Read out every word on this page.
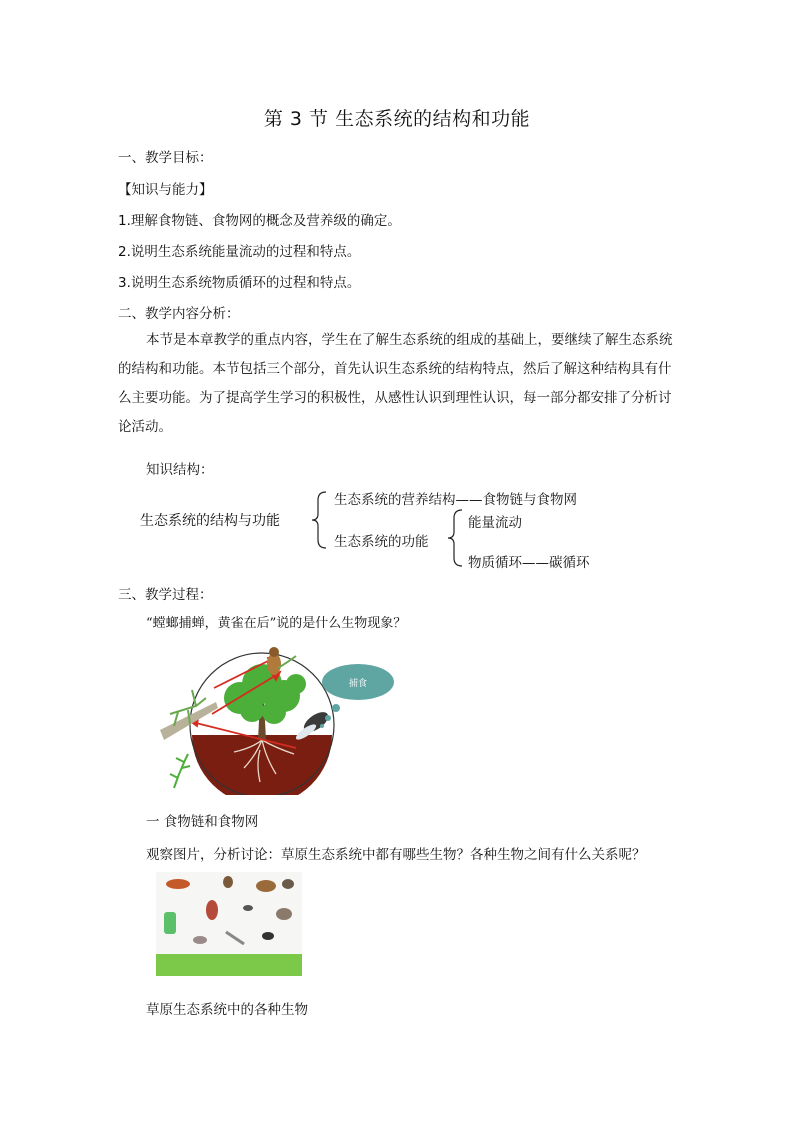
第 3 节 生态系统的结构和功能
一、教学目标：
【知识与能力】
1.理解食物链、食物网的概念及营养级的确定。
2.说明生态系统能量流动的过程和特点。
3.说明生态系统物质循环的过程和特点。
二、教学内容分析：
本节是本章教学的重点内容，学生在了解生态系统的组成的基础上，要继续了解生态系统的结构和功能。本节包括三个部分，首先认识生态系统的结构特点，然后了解这种结构具有什么主要功能。为了提高学生学习的积极性，从感性认识到理性认识，每一部分都安排了分析讨论活动。
知识结构：
生态系统的结构与功能
生态系统的营养结构——食物链与食物网
生态系统的功能
能量流动
物质循环——碳循环
三、教学过程：
“螳螂捕蝉，黄雀在后”说的是什么生物现象？
捕食
一 食物链和食物网
观察图片，分析讨论：草原生态系统中都有哪些生物？各种生物之间有什么关系呢？
草原生态系统中的各种生物
